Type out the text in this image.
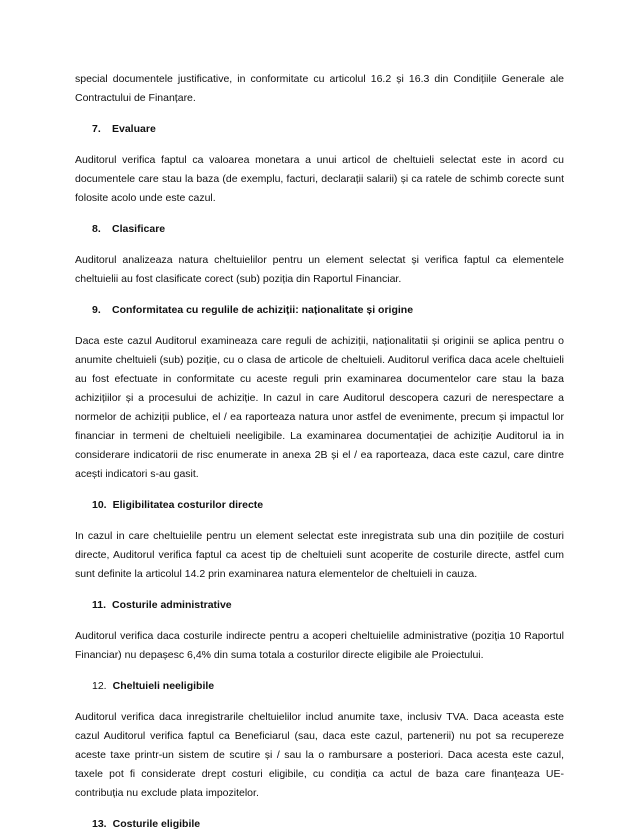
special documentele justificative, in conformitate cu articolul 16.2 și 16.3 din Condițiile Generale ale Contractului de Finanțare.

7.	Evaluare

Auditorul verifica faptul ca valoarea monetara a unui articol de cheltuieli selectat este in acord cu documentele care stau la baza (de exemplu, facturi, declarații salarii) și ca ratele de schimb corecte sunt folosite acolo unde este cazul.

8.	Clasificare

Auditorul analizeaza natura cheltuielilor pentru un element selectat și verifica faptul ca elementele cheltuielii au fost clasificate corect (sub) poziția din Raportul Financiar.

9.	Conformitatea cu regulile de achiziții: naționalitate și origine

Daca este cazul Auditorul examineaza care reguli de achiziții, naționalitatii și originii se aplica pentru o anumite cheltuieli (sub) poziție, cu o clasa de articole de cheltuieli. Auditorul verifica daca acele cheltuieli au fost efectuate in conformitate cu aceste reguli prin examinarea documentelor care stau la baza achizițiilor și a procesului de achiziție. In cazul in care Auditorul descopera cazuri de nerespectare a normelor de achiziții publice, el / ea raporteaza natura unor astfel de evenimente, precum și impactul lor financiar in termeni de cheltuieli neeligibile. La examinarea documentației de achiziție Auditorul ia in considerare indicatorii de risc enumerate in anexa 2B și el / ea raporteaza, daca este cazul, care dintre acești indicatori s-au gasit.

10. Eligibilitatea costurilor directe

In cazul in care cheltuielile pentru un element selectat este inregistrata sub una din pozițiile de costuri directe, Auditorul verifica faptul ca acest tip de cheltuieli sunt acoperite de costurile directe, astfel cum sunt definite la articolul 14.2 prin examinarea natura elementelor de cheltuieli in cauza.

11. Costurile administrative

Auditorul verifica daca costurile indirecte pentru a acoperi cheltuielile administrative (poziția 10 Raportul Financiar) nu depașesc 6,4% din suma totala a costurilor directe eligibile ale Proiectului.

12. Cheltuieli neeligibile

Auditorul verifica daca inregistrarile cheltuielilor includ anumite taxe, inclusiv TVA. Daca aceasta este cazul Auditorul verifica faptul ca Beneficiarul (sau, daca este cazul, partenerii) nu pot sa recupereze aceste taxe printr-un sistem de scutire și / sau la o rambursare a posteriori. Daca acesta este cazul, taxele pot fi considerate drept costuri eligibile, cu condiția ca actul de baza care finanțeaza UE-contribuția nu exclude plata impozitelor.

13. Costurile eligibile
